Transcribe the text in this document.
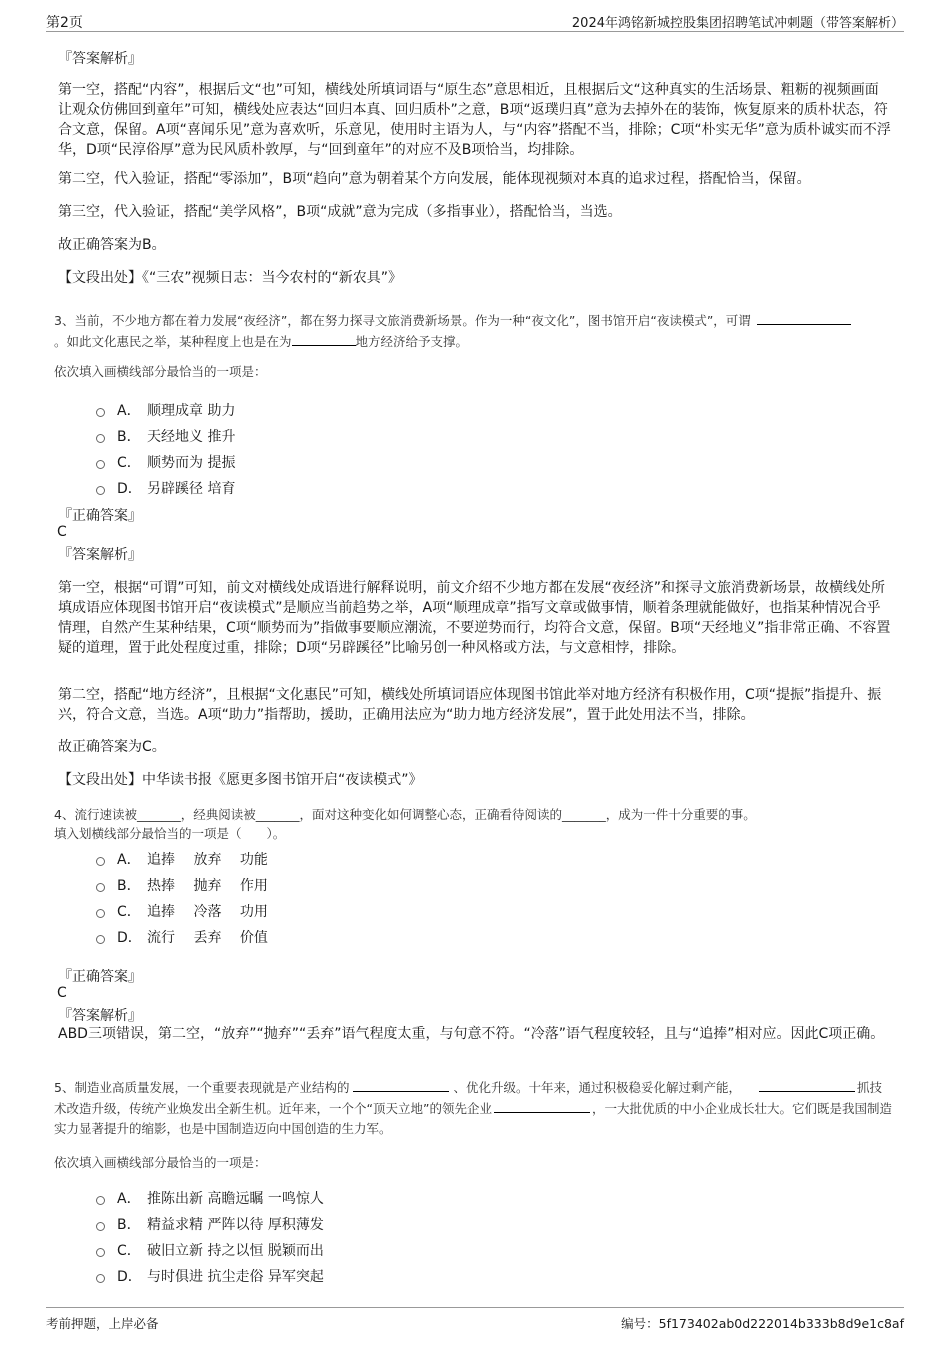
第2页	2024年鸿铭新城控股集团招聘笔试冲刺题（带答案解析）
『答案解析』
第一空，搭配“内容”，根据后文“也”可知，横线处所填词语与“原生态”意思相近，且根据后文“这种真实的生活场景、粗粝的视频画面让观众仿佛回到童年”可知，横线处应表达“回归本真、回归质朴”之意，B项“返璞归真”意为去掉外在的装饰，恢复原来的质朴状态，符合文意，保留。A项“喜闻乐见”意为喜欢听，乐意见，使用时主语为人，与“内容”搭配不当，排除；C项“朴实无华”意为质朴诚实而不浮华，D项“民淳俗厚”意为民风质朴敦厚，与“回到童年”的对应不及B项恰当，均排除。
第二空，代入验证，搭配“零添加”，B项“趋向”意为朝着某个方向发展，能体现视频对本真的追求过程，搭配恰当，保留。
第三空，代入验证，搭配“美学风格”，B项“成就”意为完成（多指事业），搭配恰当，当选。
故正确答案为B。
【文段出处】《“三农”视频日志：当今农村的“新农具”》
3、当前，不少地方都在着力发展“夜经济”，都在努力探寻文旅消费新场景。作为一种“夜文化”，图书馆开启“夜读模式”，可谓
。如此文化惠民之举，某种程度上也是在为	地方经济给予支撑。
依次填入画横线部分最恰当的一项是：
A． 顺理成章 助力
B． 天经地义 推升
C． 顺势而为 提振
D． 另辟蹊径 培育
『正确答案』
C
『答案解析』
第一空，根据“可谓”可知，前文对横线处成语进行解释说明，前文介绍不少地方都在发展“夜经济”和探寻文旅消费新场景，故横线处所填成语应体现图书馆开启“夜读模式”是顺应当前趋势之举，A项“顺理成章”指写文章或做事情，顺着条理就能做好，也指某种情况合乎情理，自然产生某种结果，C项“顺势而为”指做事要顺应潮流，不要逆势而行，均符合文意，保留。B项“天经地义”指非常正确、不容置疑的道理，置于此处程度过重，排除；D项“另辟蹊径”比喻另创一种风格或方法，与文意相悖，排除。
第二空，搭配“地方经济”，且根据“文化惠民”可知，横线处所填词语应体现图书馆此举对地方经济有积极作用，C项“提振”指提升、振兴，符合文意，当选。A项“助力”指帮助，援助，正确用法应为“助力地方经济发展”，置于此处用法不当，排除。
故正确答案为C。
【文段出处】中华读书报《愿更多图书馆开启“夜读模式”》
4、流行速读被_______，经典阅读被_______，面对这种变化如何调整心态，正确看待阅读的_______，成为一件十分重要的事。
填入划横线部分最恰当的一项是（　　）。
A． 追捧　 放弃　 功能
B． 热捧　 抛弃　 作用
C． 追捧　 冷落　 功用
D． 流行　 丢弃　 价值
『正确答案』
C
『答案解析』
ABD三项错误，第二空，“放弃”“抛弃”“丢弃”语气程度太重，与句意不符。“冷落”语气程度较轻，且与“追捧”相对应。因此C项正确。
5、制造业高质量发展，一个重要表现就是产业结构的	、优化升级。十年来，通过积极稳妥化解过剩产能，	抓技术改造升级，传统产业焕发出全新生机。近年来，一个个“顶天立地”的领先企业	，一大批优质的中小企业成长壮大。它们既是我国制造实力显著提升的缩影，也是中国制造迈向中国创造的生力军。
依次填入画横线部分最恰当的一项是：
A． 推陈出新 高瞻远瞩 一鸣惊人
B． 精益求精 严阵以待 厚积薄发
C． 破旧立新 持之以恒 脱颖而出
D． 与时俱进 抗尘走俗 异军突起
考前押题，上岸必备	编号：5f173402ab0d222014b333b8d9e1c8af
